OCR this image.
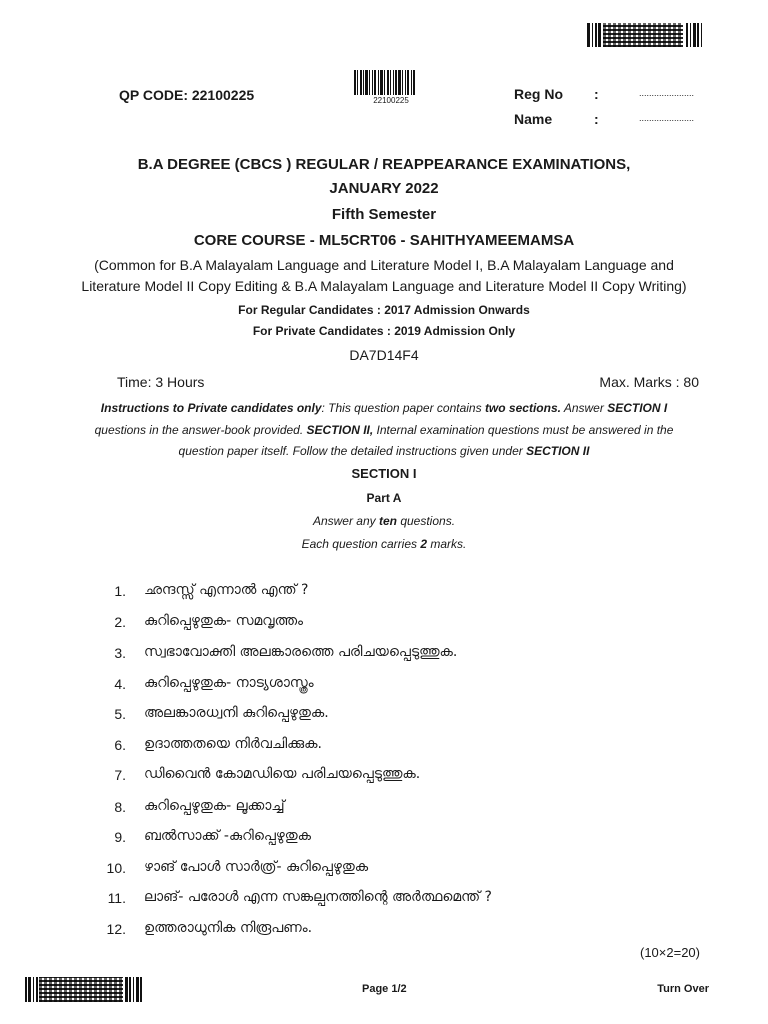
QP CODE: 22100225	22100225	Reg No :	......................
Name	:	......................
B.A DEGREE (CBCS ) REGULAR / REAPPEARANCE EXAMINATIONS,
JANUARY 2022
Fifth Semester
CORE COURSE - ML5CRT06 - SAHITHYAMEEMAMSA
(Common for B.A Malayalam Language and Literature Model I, B.A Malayalam Language and
Literature Model II Copy Editing & B.A Malayalam Language and Literature Model II Copy Writing)
For Regular Candidates : 2017 Admission Onwards
For Private Candidates : 2019 Admission Only
DA7D14F4
Time: 3 Hours	Max. Marks : 80
Instructions to Private candidates only: This question paper contains two sections. Answer SECTION I
questions in the answer-book provided. SECTION II, Internal examination questions must be answered in the
question paper itself. Follow the detailed instructions given under SECTION II
SECTION I
Part A
Answer any ten questions.
Each question carries 2 marks.
1. ഛന്ദസ്സ് എന്നാൽ എന്ത് ?
2. കുറിപ്പെഴുതുക- സമവൃത്തം
3. സ്വഭാവോക്തി അലങ്കാരത്തെ പരിചയപ്പെടുത്തുക.
4. കുറിപ്പെഴുതുക- നാട്യശാസ്ത്രം
5. അലങ്കാരധ്വനി കുറിപ്പെഴുതുക.
6. ഉദാത്തതയെ നിർവചിക്കുക.
7. ഡിവൈൻ കോമഡിയെ പരിചയപ്പെടുത്തുക.
8. കുറിപ്പെഴുതുക- ലൂക്കാച്ച്
9. ബൽസാക്ക് -കുറിപ്പെഴുതുക
10. ഴാങ് പോൾ സാർത്ര്- കുറിപ്പെഴുതുക
11. ലാങ്- പരോൾ എന്ന സങ്കല്പനത്തിന്റെ അർത്ഥമെന്ത് ?
12. ഉത്തരാധുനിക നിരൂപണം.
(10×2=20)
Page 1/2	Turn Over
